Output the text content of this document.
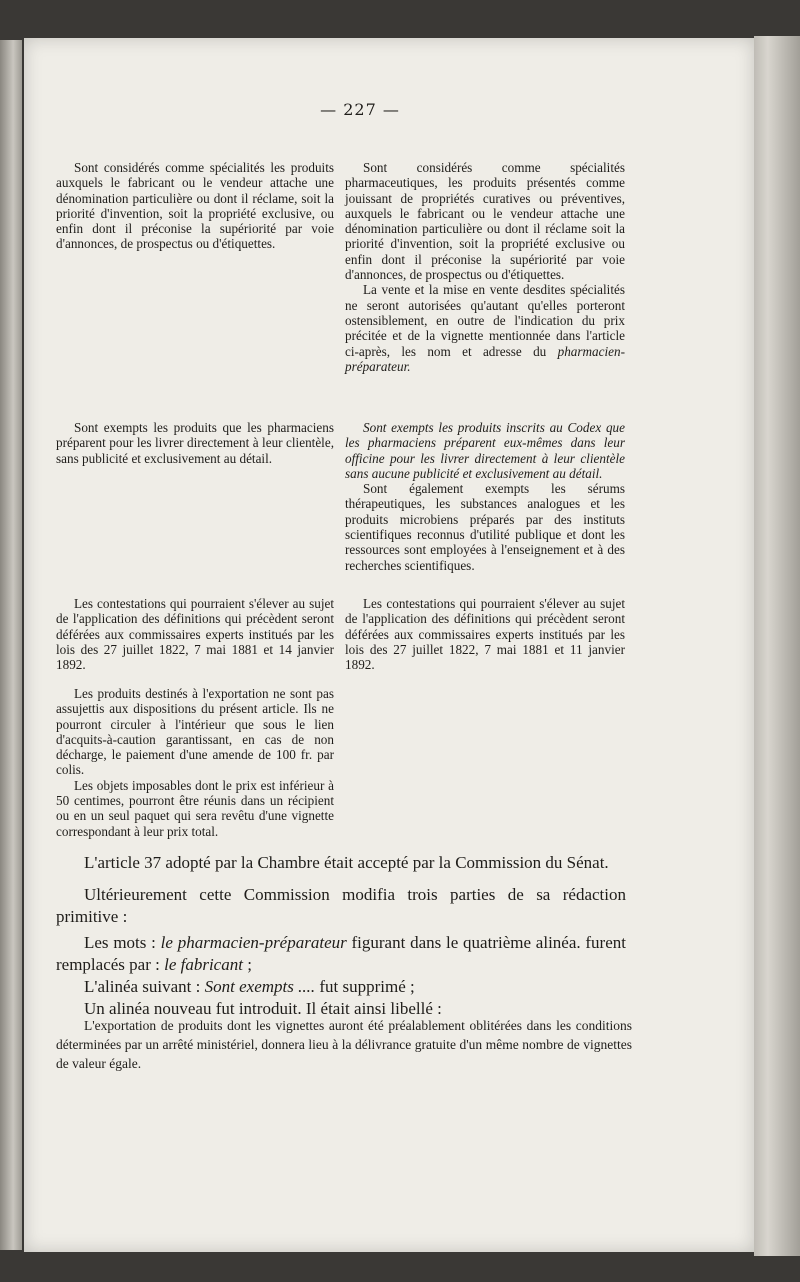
— 227 —

Sont considérés comme spécialités les produits auxquels le fabricant ou le vendeur attache une dénomination particulière ou dont il réclame, soit la priorité d'invention, soit la propriété exclusive, ou enfin dont il préconise la supériorité par voie d'annonces, de prospectus ou d'étiquettes.

Sont exempts les produits que les pharmaciens préparent pour les livrer directement à leur clientèle, sans publicité et exclusivement au détail.

Les contestations qui pourraient s'élever au sujet de l'application des définitions qui précèdent seront déférées aux commissaires experts institués par les lois des 27 juillet 1822, 7 mai 1881 et 14 janvier 1892.

Les produits destinés à l'exportation ne sont pas assujettis aux dispositions du présent article. Ils ne pourront circuler à l'intérieur que sous le lien d'acquits-à-caution garantissant, en cas de non décharge, le paiement d'une amende de 100 fr. par colis.

Les objets imposables dont le prix est inférieur à 50 centimes, pourront être réunis dans un récipient ou en un seul paquet qui sera revêtu d'une vignette correspondant à leur prix total.

Sont considérés comme spécialités pharmaceutiques, les produits présentés comme jouissant de propriétés curatives ou préventives, auxquels le fabricant ou le vendeur attache une dénomination particulière ou dont il réclame soit la priorité d'invention, soit la propriété exclusive ou enfin dont il préconise la supériorité par voie d'annonces, de prospectus ou d'étiquettes.

La vente et la mise en vente desdites spécialités ne seront autorisées qu'autant qu'elles porteront ostensiblement, en outre de l'indication du prix précitée et de la vignette mentionnée dans l'article ci-après, les nom et adresse du pharmacien-préparateur.

Sont exempts les produits inscrits au Codex que les pharmaciens préparent eux-mêmes dans leur officine pour les livrer directement à leur clientèle sans aucune publicité et exclusivement au détail.

Sont également exempts les sérums thérapeutiques, les substances analogues et les produits microbiens préparés par des instituts scientifiques reconnus d'utilité publique et dont les ressources sont employées à l'enseignement et à des recherches scientifiques.

Les contestations qui pourraient s'élever au sujet de l'application des définitions qui précèdent seront déférées aux commissaires experts institués par les lois des 27 juillet 1822, 7 mai 1881 et 11 janvier 1892.

L'article 37 adopté par la Chambre était accepté par la Commission du Sénat.

Ultérieurement cette Commission modifia trois parties de sa rédaction primitive :

Les mots : le pharmacien-préparateur figurant dans le quatrième alinéa. furent remplacés par : le fabricant ;

L'alinéa suivant : Sont exempts .... fut supprimé ;

Un alinéa nouveau fut introduit. Il était ainsi libellé :

L'exportation de produits dont les vignettes auront été préalablement oblitérées dans les conditions déterminées par un arrêté ministériel, donnera lieu à la délivrance gratuite d'un même nombre de vignettes de valeur égale.
